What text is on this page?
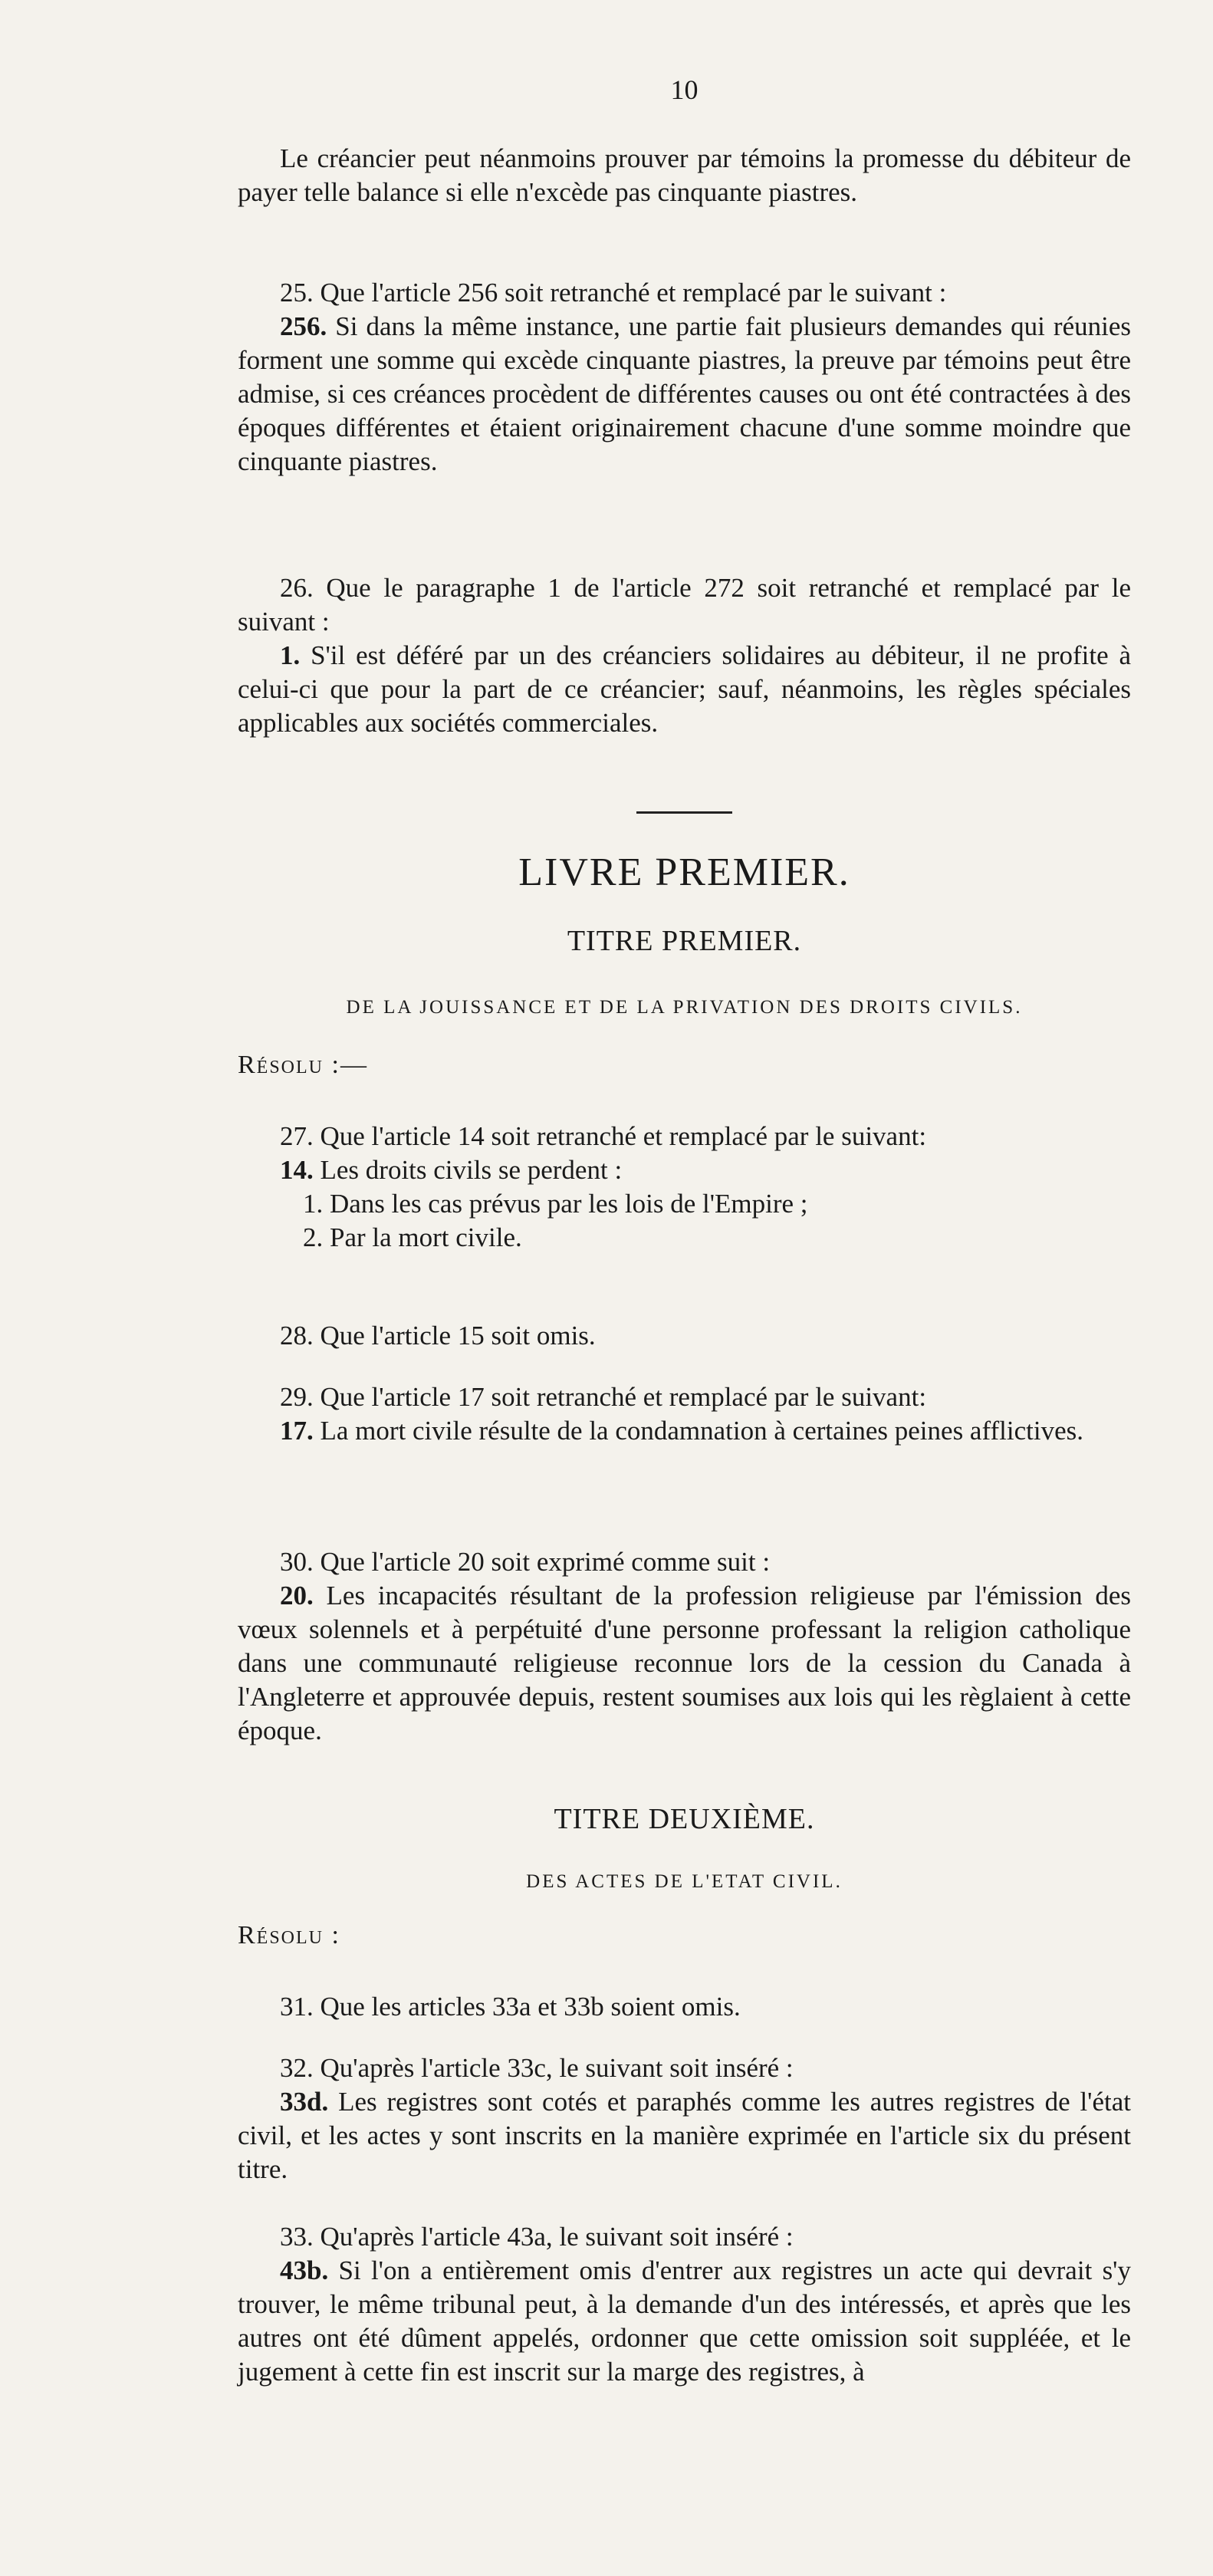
10

Le créancier peut néanmoins prouver par témoins la promesse du débiteur de payer telle balance si elle n'excède pas cinquante piastres.

25. Que l'article 256 soit retranché et remplacé par le suivant :

256. Si dans la même instance, une partie fait plusieurs demandes qui réunies forment une somme qui excède cinquante piastres, la preuve par témoins peut être admise, si ces créances procèdent de différentes causes ou ont été contractées à des époques différentes et étaient originairement chacune d'une somme moindre que cinquante piastres.

26. Que le paragraphe 1 de l'article 272 soit retranché et remplacé par le suivant :

1. S'il est déféré par un des créanciers solidaires au débiteur, il ne profite à celui-ci que pour la part de ce créancier; sauf, néanmoins, les règles spéciales applicables aux sociétés commerciales.

LIVRE PREMIER.
TITRE PREMIER.
DE LA JOUISSANCE ET DE LA PRIVATION DES DROITS CIVILS.
Résolu :—

27. Que l'article 14 soit retranché et remplacé par le suivant:

14. Les droits civils se perdent :

1. Dans les cas prévus par les lois de l'Empire ;

2. Par la mort civile.

28. Que l'article 15 soit omis.

29. Que l'article 17 soit retranché et remplacé par le suivant:

17. La mort civile résulte de la condamnation à certaines peines afflictives.

30. Que l'article 20 soit exprimé comme suit :

20. Les incapacités résultant de la profession religieuse par l'émission des vœux solennels et à perpétuité d'une personne professant la religion catholique dans une communauté religieuse reconnue lors de la cession du Canada à l'Angleterre et approuvée depuis, restent soumises aux lois qui les règlaient à cette époque.

TITRE DEUXIÈME.
DES ACTES DE L'ETAT CIVIL.
Résolu :

31. Que les articles 33a et 33b soient omis.

32. Qu'après l'article 33c, le suivant soit inséré :

33d. Les registres sont cotés et paraphés comme les autres registres de l'état civil, et les actes y sont inscrits en la manière exprimée en l'article six du présent titre.

33. Qu'après l'article 43a, le suivant soit inséré :

43b. Si l'on a entièrement omis d'entrer aux registres un acte qui devrait s'y trouver, le même tribunal peut, à la demande d'un des intéressés, et après que les autres ont été dûment appelés, ordonner que cette omission soit suppléée, et le jugement à cette fin est inscrit sur la marge des registres, à
